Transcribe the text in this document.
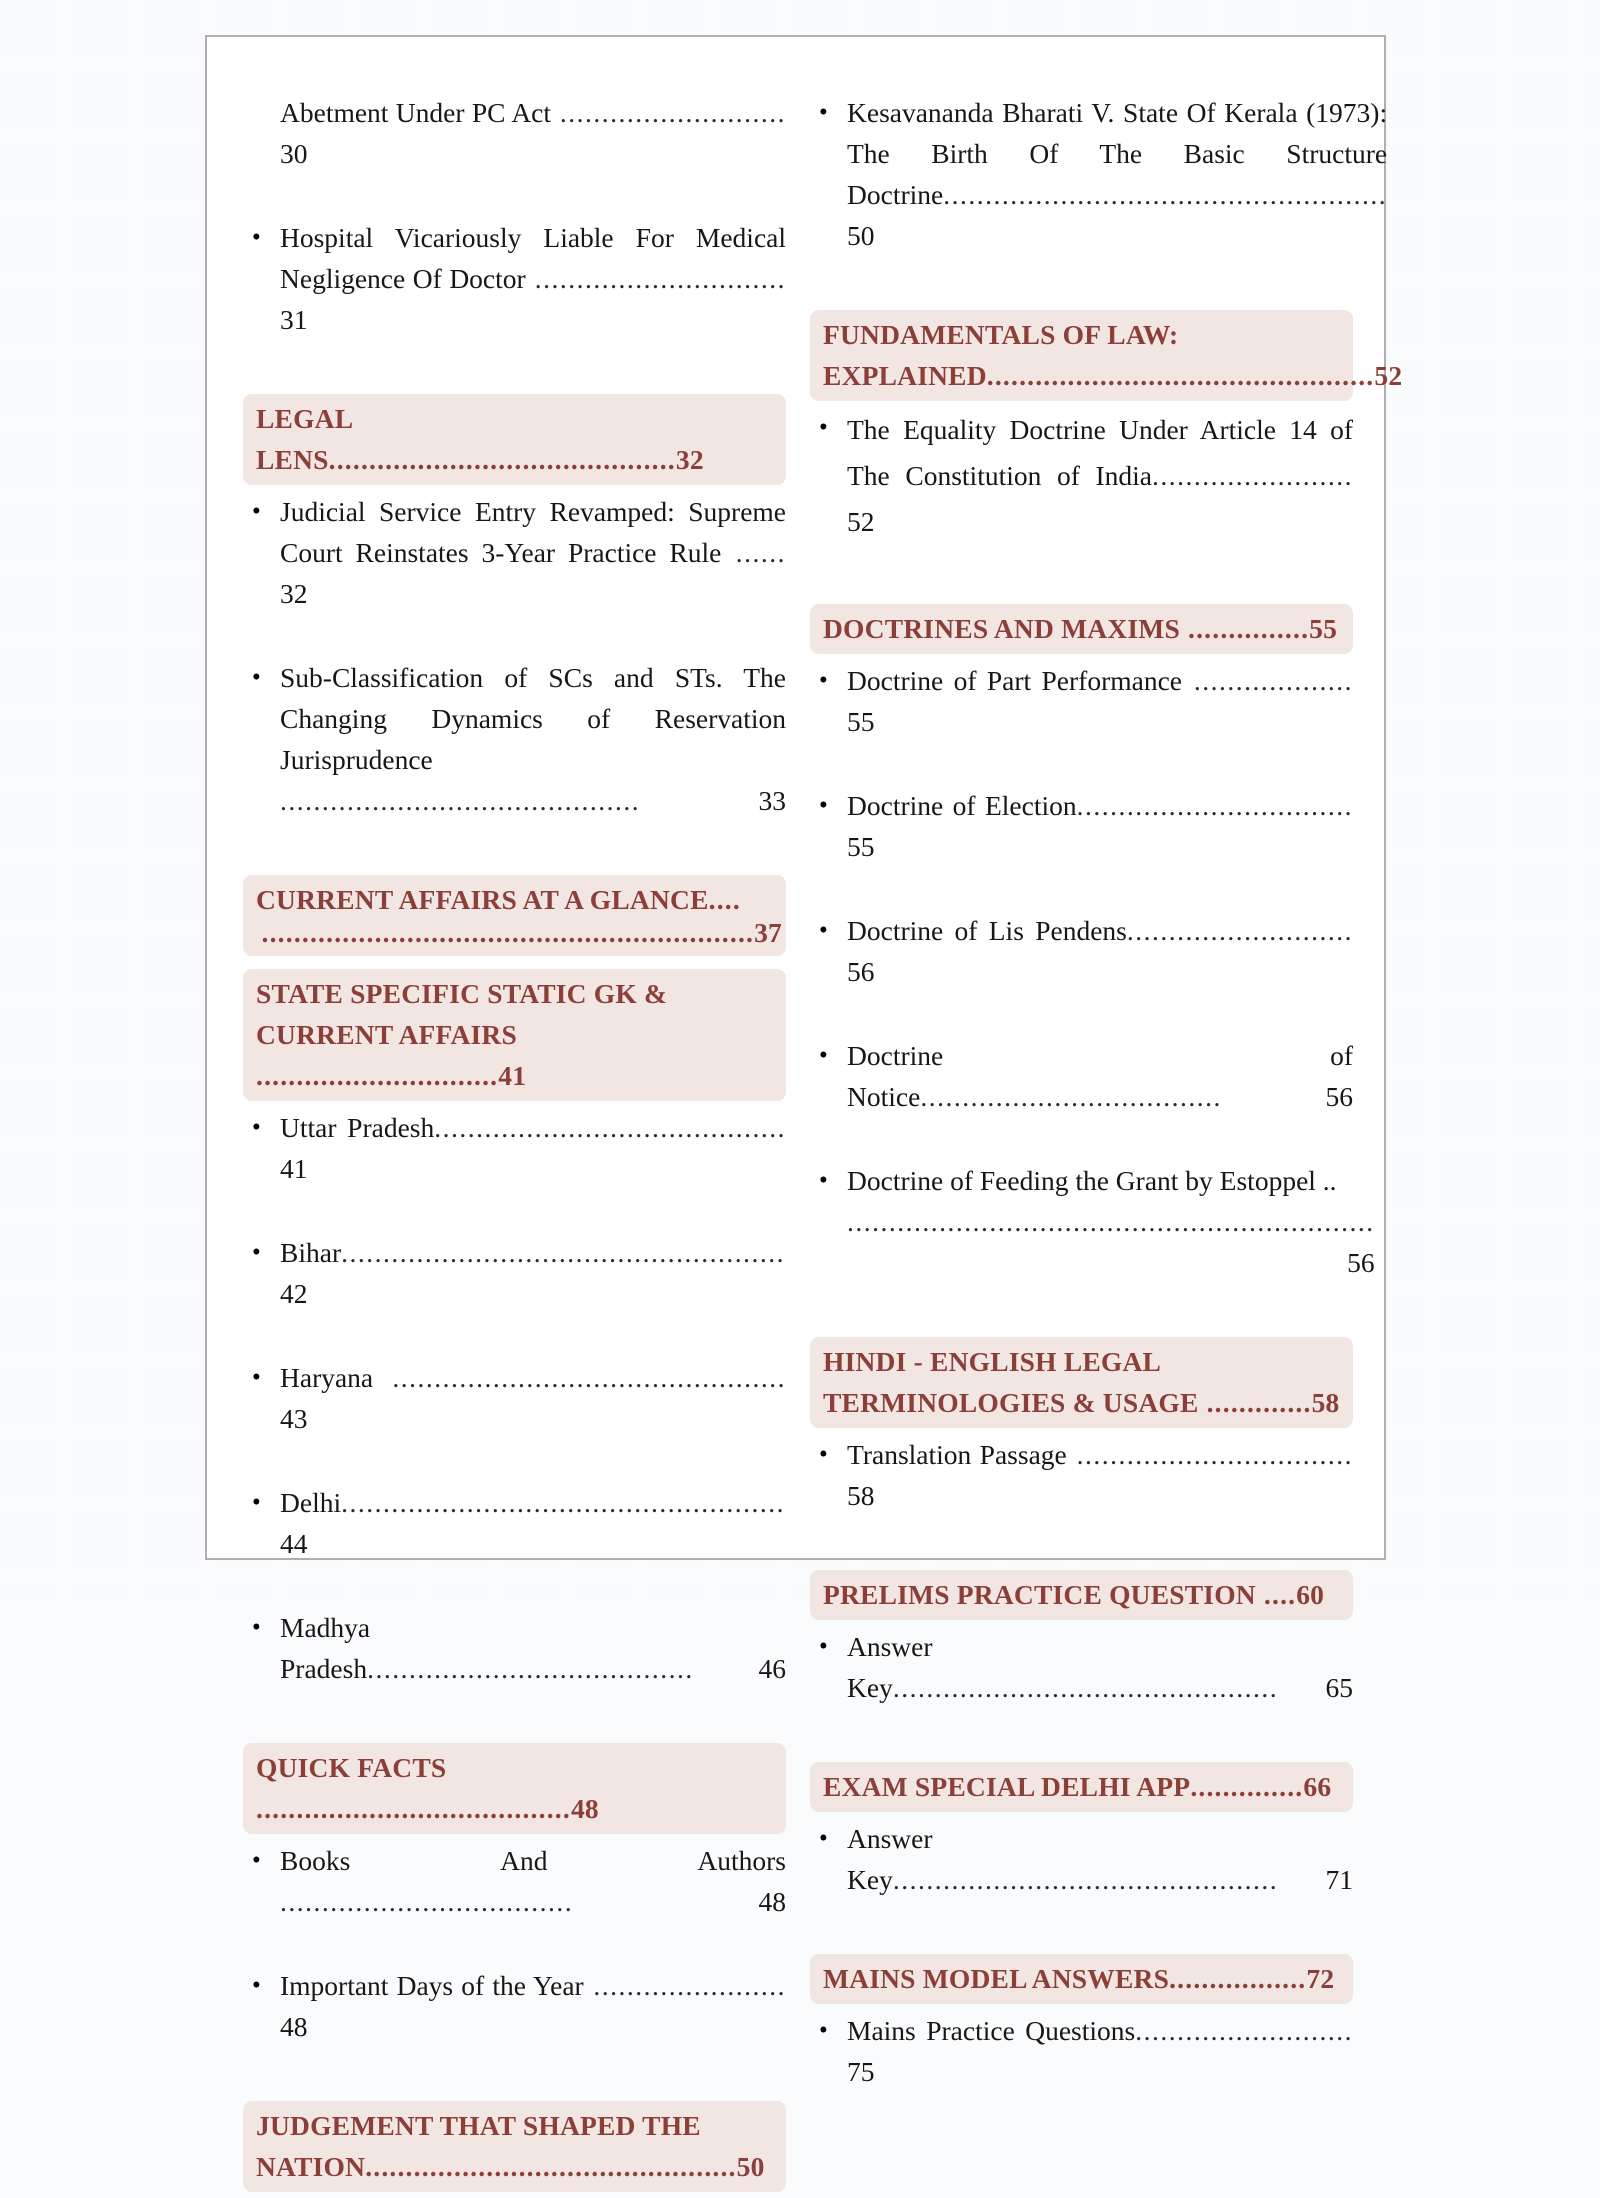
Abetment Under PC Act ........................... 30
•
Hospital Vicariously Liable For Medical Negligence Of Doctor .............................. 31
LEGAL LENS...........................................32
•
Judicial Service Entry Revamped: Supreme Court Reinstates 3-Year Practice Rule ...... 32
•
Sub-Classification of SCs and STs. The Changing Dynamics of Reservation Jurisprudence ...........................................	33
CURRENT AFFAIRS AT A GLANCE....
.............................................................37
STATE SPECIFIC STATIC GK &
CURRENT AFFAIRS ..............................41
•
Uttar Pradesh.......................................... 41
•
Bihar..................................................... 42
•
Haryana ............................................... 43
•
Delhi..................................................... 44
•
Madhya Pradesh....................................... 46
QUICK FACTS .......................................48
•
Books And Authors ...................................	48
•
Important Days of the Year ....................... 48
JUDGEMENT THAT SHAPED THE
NATION..............................................50
•
Kesavananda Bharati V. State Of Kerala (1973): The Birth Of The Basic Structure Doctrine..................................................... 50
FUNDAMENTALS OF LAW:
EXPLAINED................................................52
•
The Equality Doctrine Under Article 14 of The Constitution of India........................ 52
DOCTRINES AND MAXIMS ...............55
•
Doctrine of Part Performance ................... 55
•
Doctrine of Election................................. 55
•
Doctrine of Lis Pendens........................... 56
•
Doctrine of Notice....................................	56
•
Doctrine of Feeding the Grant by Estoppel ..
............................................................... 56
HINDI - ENGLISH LEGAL
TERMINOLOGIES & USAGE .............58
•
Translation Passage ................................. 58
PRELIMS PRACTICE QUESTION ....60
•
Answer Key.............................................. 65
EXAM SPECIAL DELHI APP..............66
•
Answer Key.............................................. 71
MAINS MODEL ANSWERS.................72
•
Mains Practice Questions.......................... 75
